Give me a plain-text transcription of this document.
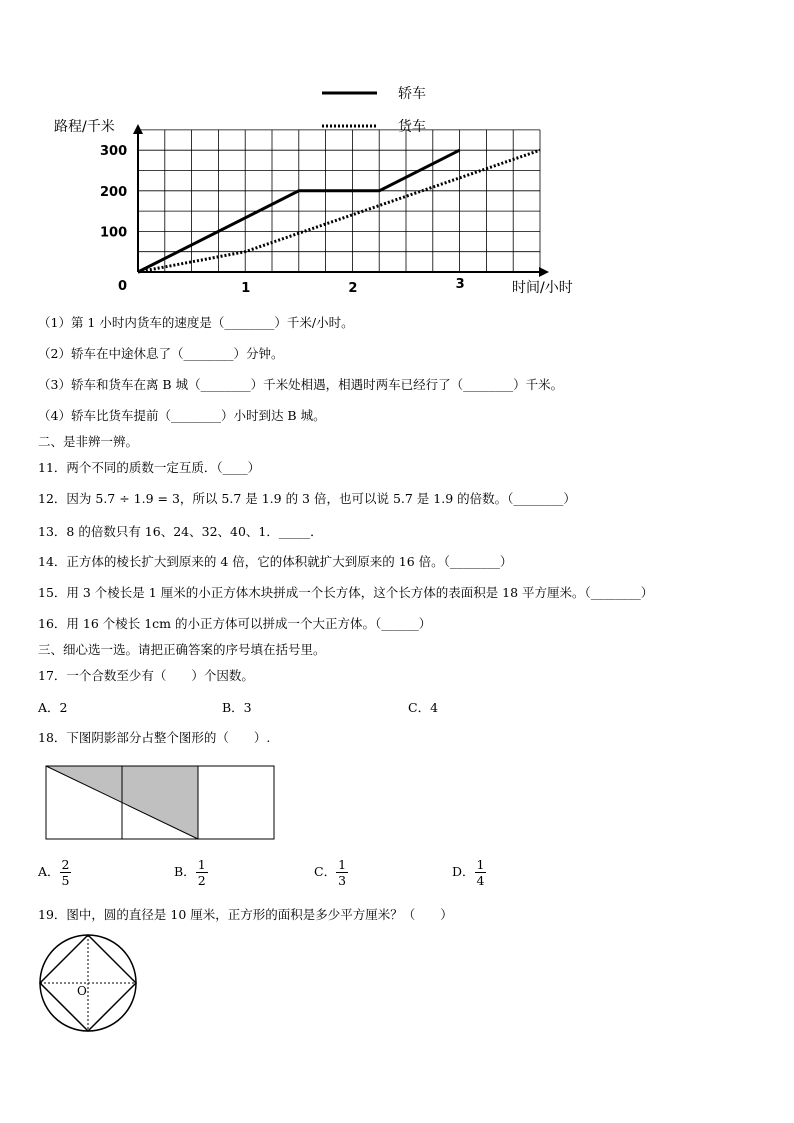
轿车
货车
路程/千米
时间/小时
0	1	2	3
100
200
300
（1）第 1 小时内货车的速度是（________）千米/小时。
（2）轿车在中途休息了（________）分钟。
（3）轿车和货车在离 B 城（________）千米处相遇，相遇时两车已经行了（________）千米。
（4）轿车比货车提前（________）小时到达 B 城。
二、是非辨一辨。
11．两个不同的质数一定互质．（____）
12．因为 5.7 ÷ 1.9 = 3，所以 5.7 是 1.9 的 3 倍，也可以说 5.7 是 1.9 的倍数。（________）
13．8 的倍数只有 16、24、32、40、1．_____．
14．正方体的棱长扩大到原来的 4 倍，它的体积就扩大到原来的 16 倍。（________）
15．用 3 个棱长是 1 厘米的小正方体木块拼成一个长方体，这个长方体的表面积是 18 平方厘米。（________）
16．用 16 个棱长 1cm 的小正方体可以拼成一个大正方体。（______）
三、细心选一选。请把正确答案的序号填在括号里。
17．一个合数至少有（　　）个因数。
A．2	B．3	C．4
18．下图阴影部分占整个图形的（　　）.
A． $\frac{2}{5}$	B． $\frac{1}{2}$	C． $\frac{1}{3}$	D． $\frac{1}{4}$
19．图中，圆的直径是 10 厘米，正方形的面积是多少平方厘米？（　　）
O
